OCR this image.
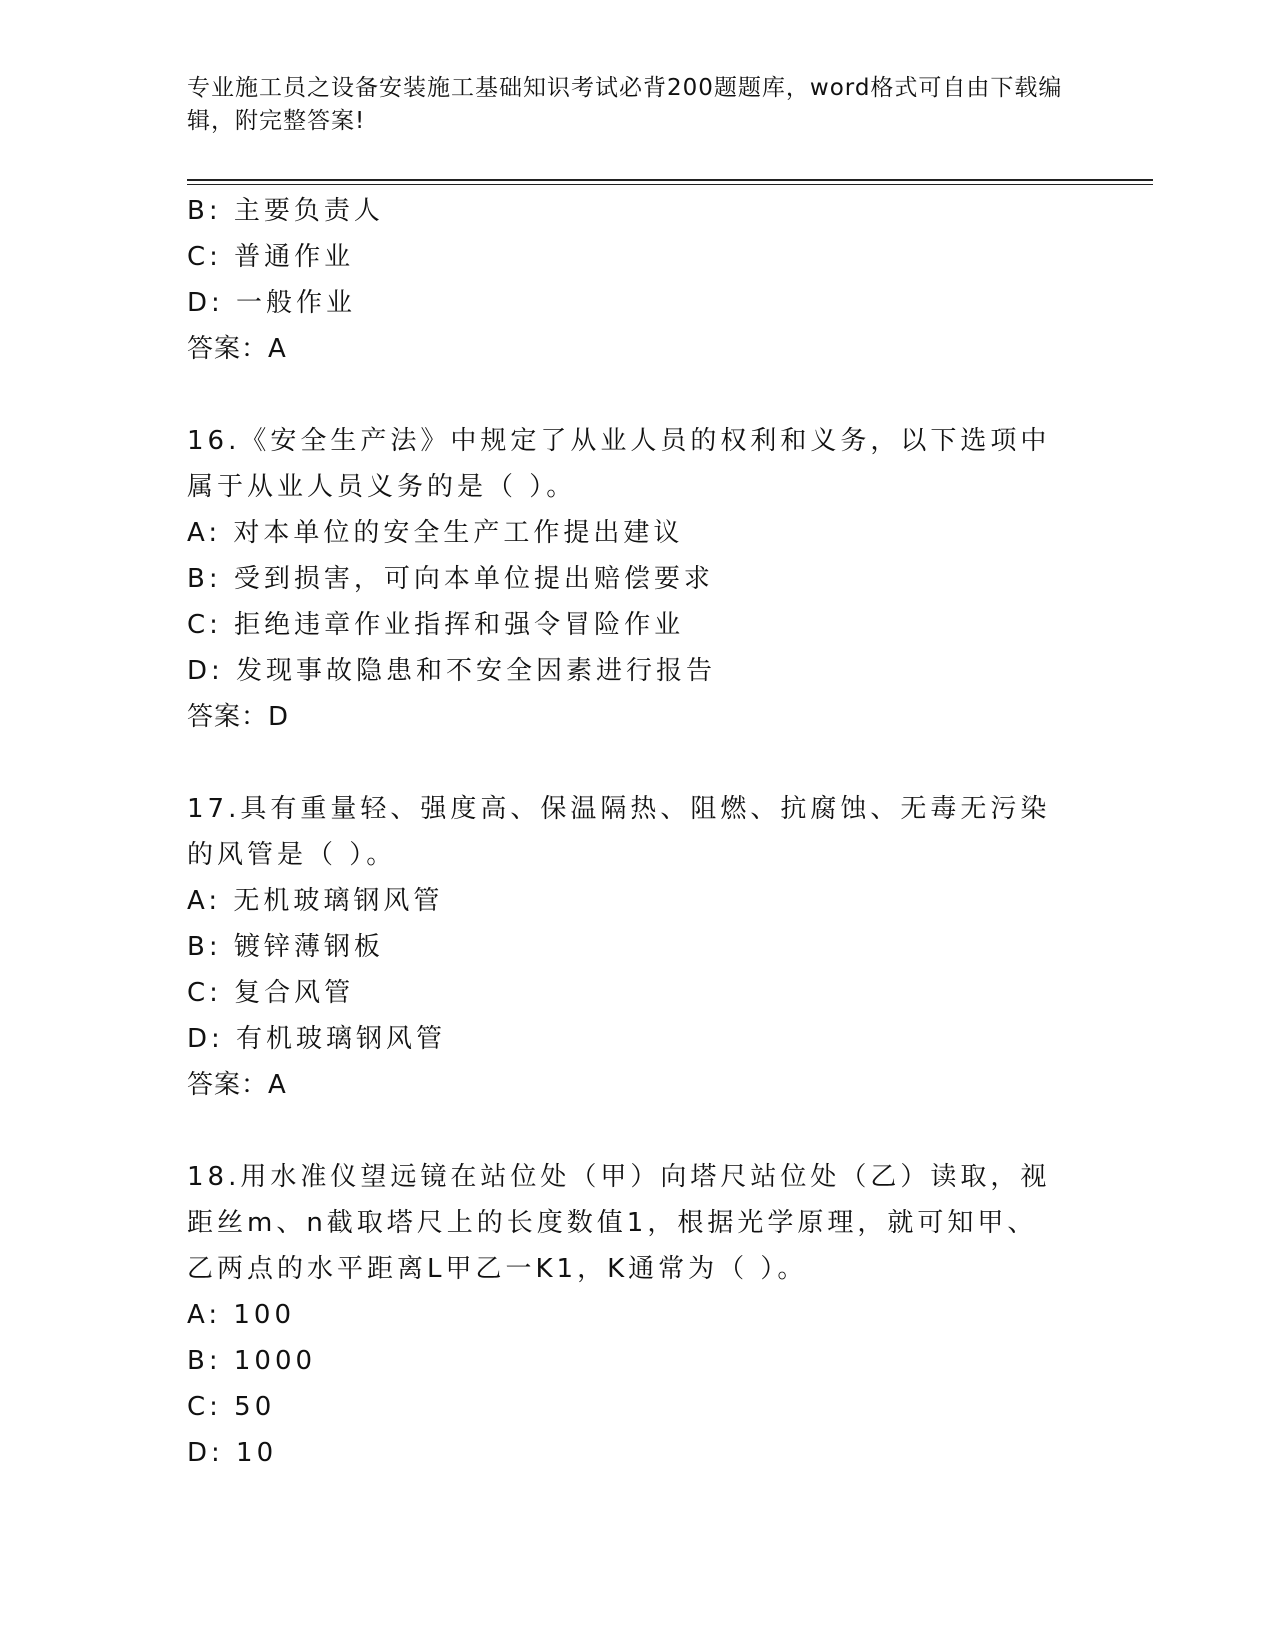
专业施工员之设备安装施工基础知识考试必背200题题库，word格式可自由下载编辑，附完整答案!
B: 主要负责人
C: 普通作业
D: 一般作业
答案：A
16.《安全生产法》中规定了从业人员的权利和义务，以下选项中属于从业人员义务的是（ ）。
A: 对本单位的安全生产工作提出建议
B: 受到损害，可向本单位提出赔偿要求
C: 拒绝违章作业指挥和强令冒险作业
D: 发现事故隐患和不安全因素进行报告
答案：D
17.具有重量轻、强度高、保温隔热、阻燃、抗腐蚀、无毒无污染的风管是（ ）。
A: 无机玻璃钢风管
B: 镀锌薄钢板
C: 复合风管
D: 有机玻璃钢风管
答案：A
18.用水准仪望远镜在站位处（甲）向塔尺站位处（乙）读取，视距丝m、n截取塔尺上的长度数值1，根据光学原理，就可知甲、乙两点的水平距离L甲乙一K1，K通常为（ ）。
A: 100
B: 1000
C: 50
D: 10
